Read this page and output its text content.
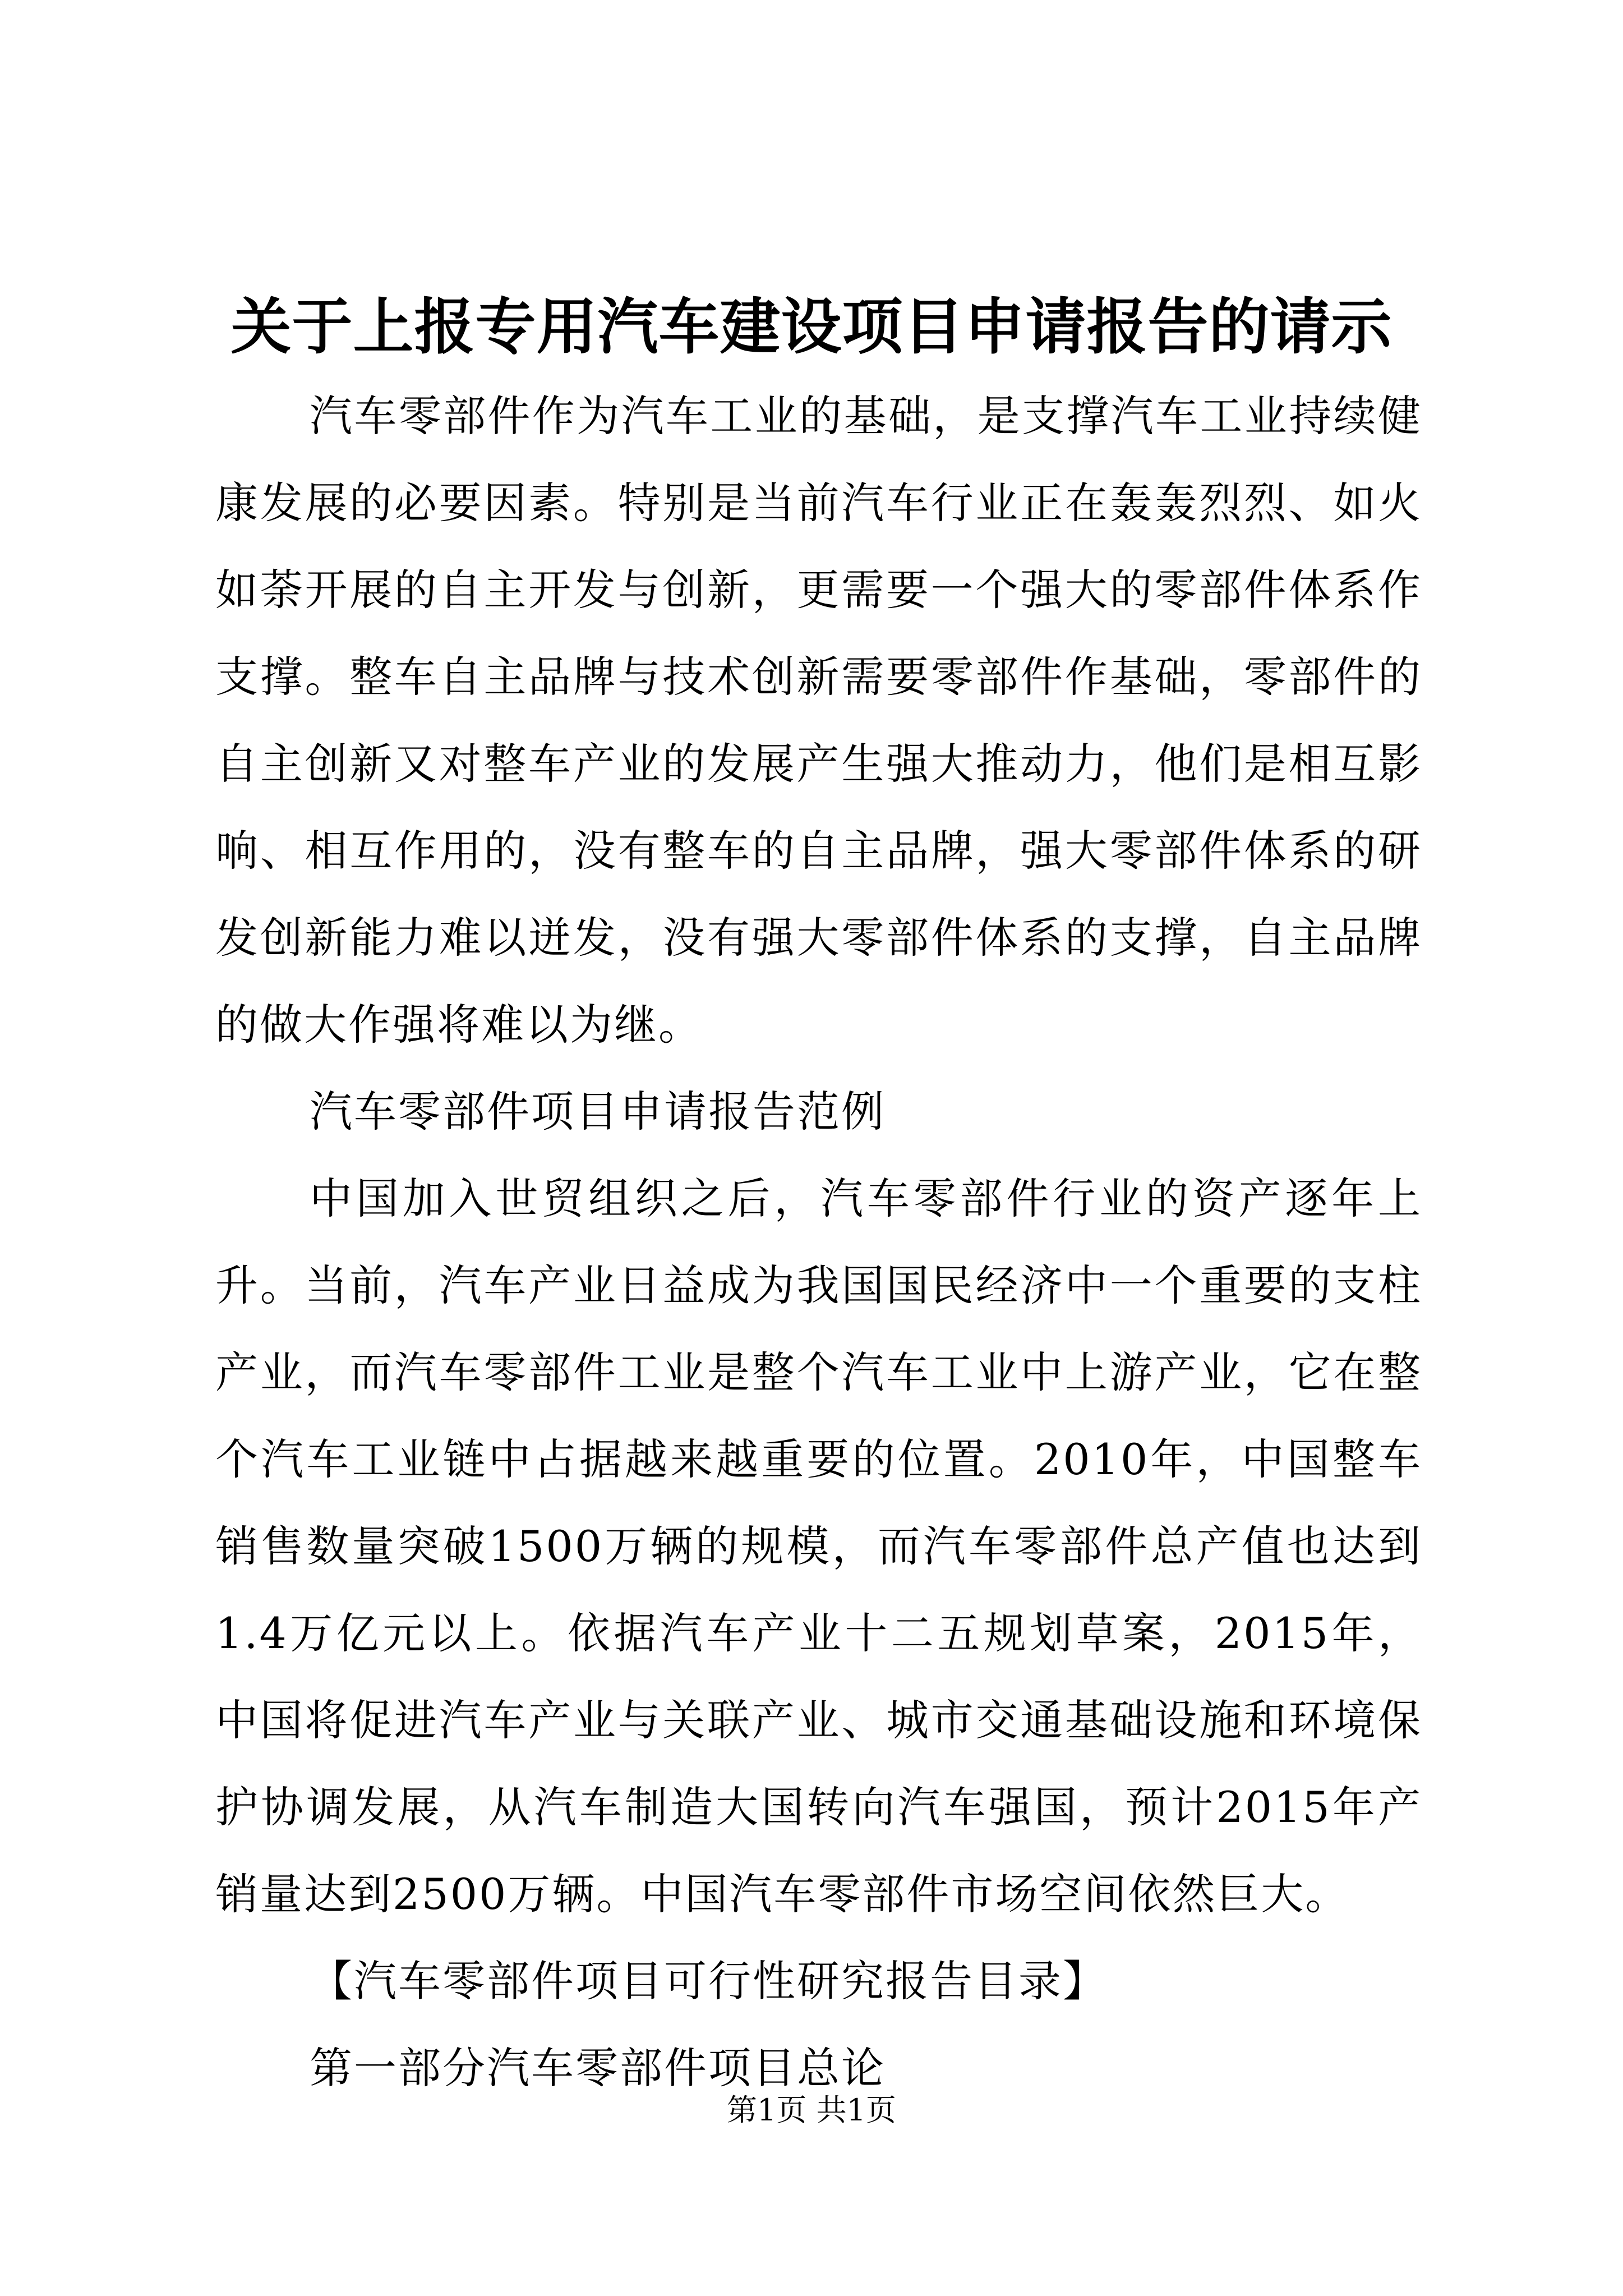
关于上报专用汽车建设项目申请报告的请示

汽车零部件作为汽车工业的基础，是支撑汽车工业持续健康发展的必要因素。特别是当前汽车行业正在轰轰烈烈、如火如荼开展的自主开发与创新，更需要一个强大的零部件体系作支撑。整车自主品牌与技术创新需要零部件作基础，零部件的自主创新又对整车产业的发展产生强大推动力，他们是相互影响、相互作用的，没有整车的自主品牌，强大零部件体系的研发创新能力难以迸发，没有强大零部件体系的支撑，自主品牌的做大作强将难以为继。

汽车零部件项目申请报告范例

中国加入世贸组织之后，汽车零部件行业的资产逐年上升。当前，汽车产业日益成为我国国民经济中一个重要的支柱产业，而汽车零部件工业是整个汽车工业中上游产业，它在整个汽车工业链中占据越来越重要的位置。2010年，中国整车销售数量突破1500万辆的规模，而汽车零部件总产值也达到1.4万亿元以上。依据汽车产业十二五规划草案，2015年，中国将促进汽车产业与关联产业、城市交通基础设施和环境保护协调发展，从汽车制造大国转向汽车强国，预计2015年产销量达到2500万辆。中国汽车零部件市场空间依然巨大。

【汽车零部件项目可行性研究报告目录】

第一部分汽车零部件项目总论

第1页 共1页
